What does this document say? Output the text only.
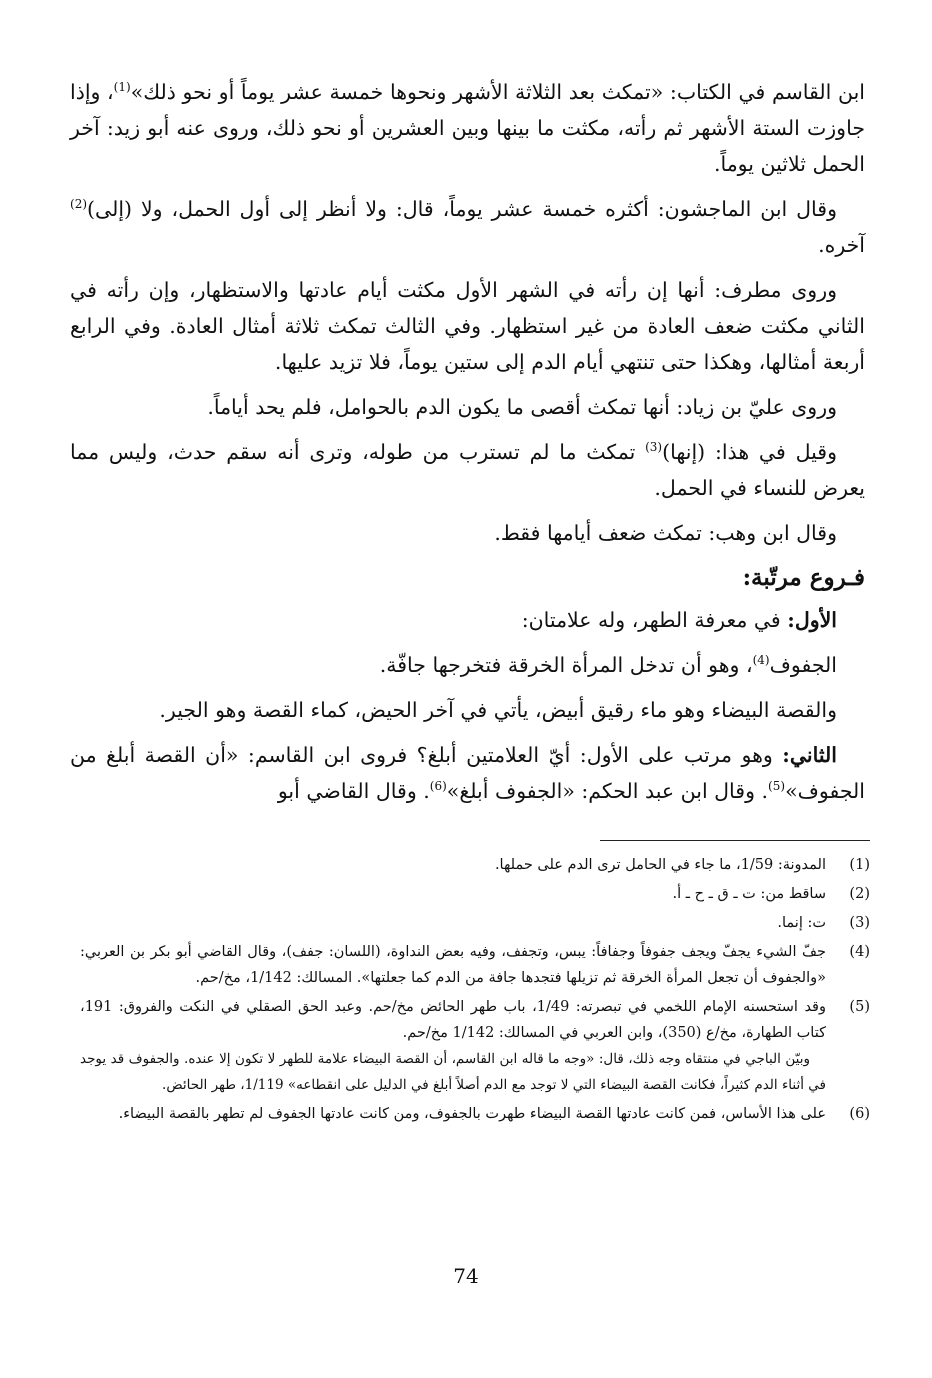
ابن القاسم في الكتاب: «تمكث بعد الثلاثة الأشهر ونحوها خمسة عشر يوماً أو نحو ذلك»$^{(1)}$، وإذا جاوزت الستة الأشهر ثم رأته، مكثت ما بينها وبين العشرين أو نحو ذلك، وروى عنه أبو زيد: آخر الحمل ثلاثين يوماً.

وقال ابن الماجشون: أكثره خمسة عشر يوماً، قال: ولا أنظر إلى أول الحمل، ولا (إلى)$^{(2)}$ آخره.

وروى مطرف: أنها إن رأته في الشهر الأول مكثت أيام عادتها والاستظهار، وإن رأته في الثاني مكثت ضعف العادة من غير استظهار. وفي الثالث تمكث ثلاثة أمثال العادة. وفي الرابع أربعة أمثالها، وهكذا حتى تنتهي أيام الدم إلى ستين يوماً، فلا تزيد عليها.

وروى عليّ بن زياد: أنها تمكث أقصى ما يكون الدم بالحوامل، فلم يحد أياماً.

وقيل في هذا: (إنها)$^{(3)}$ تمكث ما لم تسترب من طوله، وترى أنه سقم حدث، وليس مما يعرض للنساء في الحمل.

وقال ابن وهب: تمكث ضعف أيامها فقط.

فـروع مرتّبة:

الأول: في معرفة الطهر، وله علامتان:

الجفوف$^{(4)}$، وهو أن تدخل المرأة الخرقة فتخرجها جافّة.

والقصة البيضاء وهو ماء رقيق أبيض، يأتي في آخر الحيض، كماء القصة وهو الجير.

الثاني: وهو مرتب على الأول: أيّ العلامتين أبلغ؟ فروى ابن القاسم: «أن القصة أبلغ من الجفوف»$^{(5)}$. وقال ابن عبد الحكم: «الجفوف أبلغ»$^{(6)}$. وقال القاضي أبو

(1)

المدونة: 1/59، ما جاء في الحامل ترى الدم على حملها.

(2)

ساقط من: ت ـ ق ـ ح ـ أ.

(3)

ت: إنما.

(4)

جفّ الشيء يجفّ ويجف جفوفاً وجفافاً: يبس، وتجفف، وفيه بعض النداوة، (اللسان: جفف)، وقال القاضي أبو بكر بن العربي: «والجفوف أن تجعل المرأة الخرقة ثم تزيلها فتجدها جافة من الدم كما جعلتها». المسالك: 1/142، مخ/حم.

(5)

وقد استحسنه الإمام اللخمي في تبصرته: 1/49، باب طهر الحائض مخ/حم. وعبد الحق الصقلي في النكت والفروق: 191، كتاب الطهارة، مخ/ع (350)، وابن العربي في المسالك: 1/142 مخ/حم.

وبيّن الباجي في منتقاه وجه ذلك، قال: «وجه ما قاله ابن القاسم، أن القصة البيضاء علامة للطهر لا تكون إلا عنده. والجفوف قد يوجد في أثناء الدم كثيراً، فكانت القصة البيضاء التي لا توجد مع الدم أصلاً أبلغ في الدليل على انقطاعه» 1/119، طهر الحائض.

(6)

على هذا الأساس، فمن كانت عادتها القصة البيضاء طهرت بالجفوف، ومن كانت عادتها الجفوف لم تطهر بالقصة البيضاء.

74
